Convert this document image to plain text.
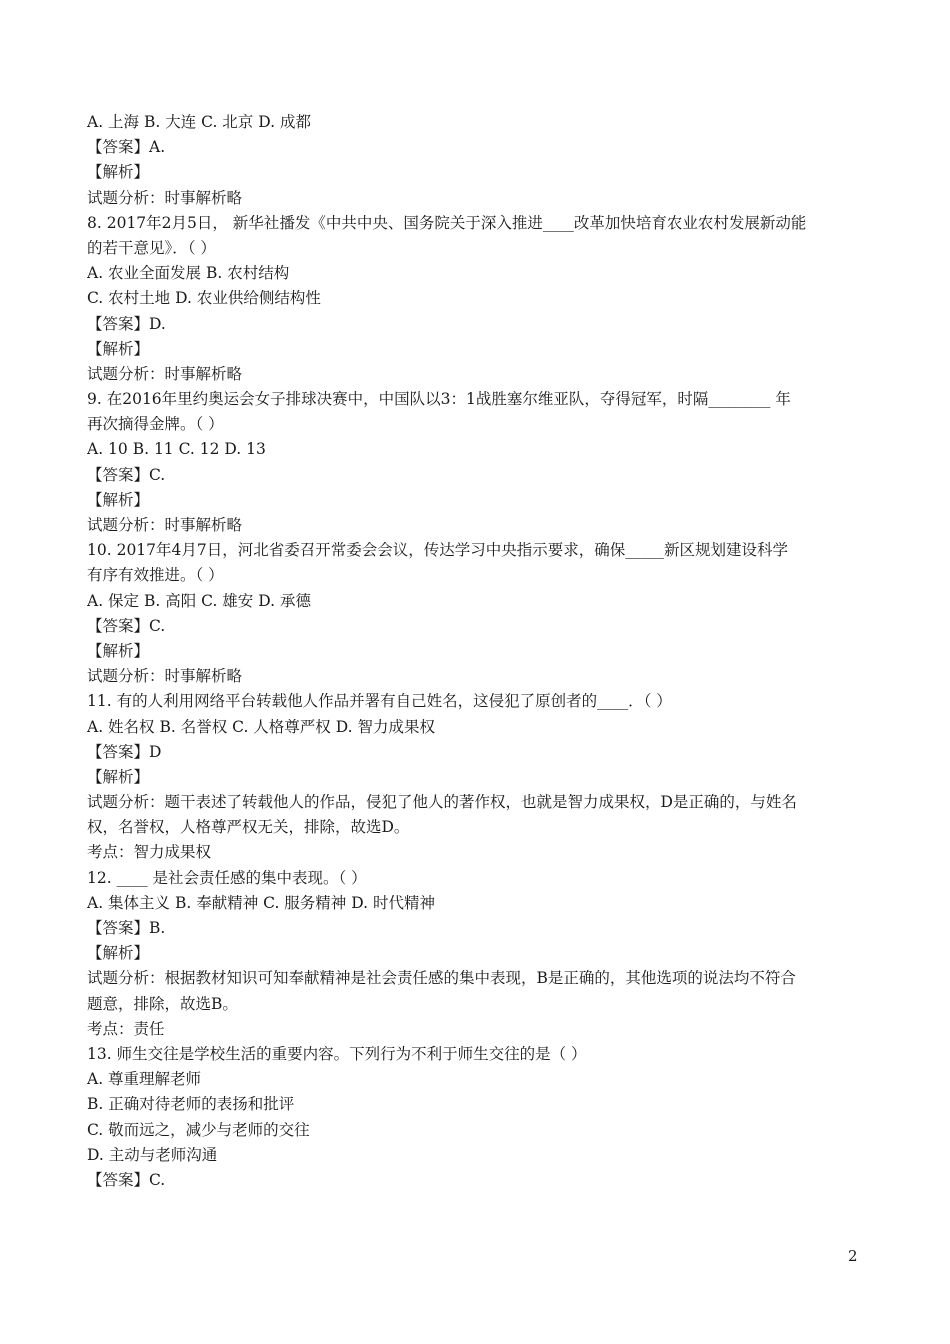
A. 上海 B. 大连 C. 北京 D. 成都
【答案】A.
【解析】
试题分析：时事解析略
8. 2017年2月5日， 新华社播发《中共中央、国务院关于深入推进____改革加快培育农业农村发展新动能
的若干意见》．（ ）
A. 农业全面发展 B. 农村结构
C. 农村土地 D. 农业供给侧结构性
【答案】D.
【解析】
试题分析：时事解析略
9. 在2016年里约奥运会女子排球决赛中，中国队以3：1战胜塞尔维亚队，夺得冠军，时隔________ 年
再次摘得金牌。（ ）
A. 10 B. 11 C. 12 D. 13
【答案】C.
【解析】
试题分析：时事解析略
10. 2017年4月7日，河北省委召开常委会会议，传达学习中央指示要求，确保_____新区规划建设科学
有序有效推进。（ ）
A. 保定 B. 高阳 C. 雄安 D. 承德
【答案】C.
【解析】
试题分析：时事解析略
11. 有的人利用网络平台转载他人作品并署有自己姓名，这侵犯了原创者的____．（ ）
A. 姓名权 B. 名誉权 C. 人格尊严权 D. 智力成果权
【答案】D
【解析】
试题分析：题干表述了转载他人的作品，侵犯了他人的著作权，也就是智力成果权，D是正确的，与姓名
权，名誉权，人格尊严权无关，排除，故选D。
考点：智力成果权
12. ____ 是社会责任感的集中表现。（ ）
A. 集体主义 B. 奉献精神 C. 服务精神 D. 时代精神
【答案】B.
【解析】
试题分析：根据教材知识可知奉献精神是社会责任感的集中表现，B是正确的，其他选项的说法均不符合
题意，排除，故选B。
考点：责任
13. 师生交往是学校生活的重要内容。下列行为不利于师生交往的是（ ）
A. 尊重理解老师
B. 正确对待老师的表扬和批评
C. 敬而远之，减少与老师的交往
D. 主动与老师沟通
【答案】C.
2
